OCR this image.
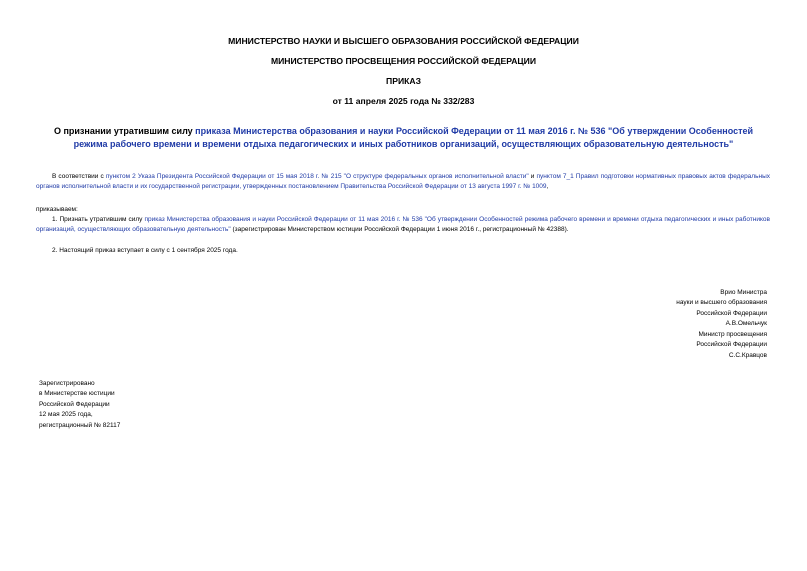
МИНИСТЕРСТВО НАУКИ И ВЫСШЕГО ОБРАЗОВАНИЯ РОССИЙСКОЙ ФЕДЕРАЦИИ
МИНИСТЕРСТВО ПРОСВЕЩЕНИЯ РОССИЙСКОЙ ФЕДЕРАЦИИ
ПРИКАЗ
от 11 апреля 2025 года № 332/283
О признании утратившим силу приказа Министерства образования и науки Российской Федерации от 11 мая 2016 г. № 536 "Об утверждении Особенностей режима рабочего времени и времени отдыха педагогических и иных работников организаций, осуществляющих образовательную деятельность"
В соответствии с пунктом 2 Указа Президента Российской Федерации от 15 мая 2018 г. № 215 "О структуре федеральных органов исполнительной власти" и пунктом 7_1 Правил подготовки нормативных правовых актов федеральных органов исполнительной власти и их государственной регистрации, утвержденных постановлением Правительства Российской Федерации от 13 августа 1997 г. № 1009,
приказываем:
1. Признать утратившим силу приказ Министерства образования и науки Российской Федерации от 11 мая 2016 г. № 536 "Об утверждении Особенностей режима рабочего времени и времени отдыха педагогических и иных работников организаций, осуществляющих образовательную деятельность" (зарегистрирован Министерством юстиции Российской Федерации 1 июня 2016 г., регистрационный № 42388).
2. Настоящий приказ вступает в силу с 1 сентября 2025 года.
Врио Министра
науки и высшего образования
Российской Федерации
А.В.Омельчук
Министр просвещения
Российской Федерации
С.С.Кравцов
Зарегистрировано
в Министерстве юстиции
Российской Федерации
12 мая 2025 года,
регистрационный № 82117
